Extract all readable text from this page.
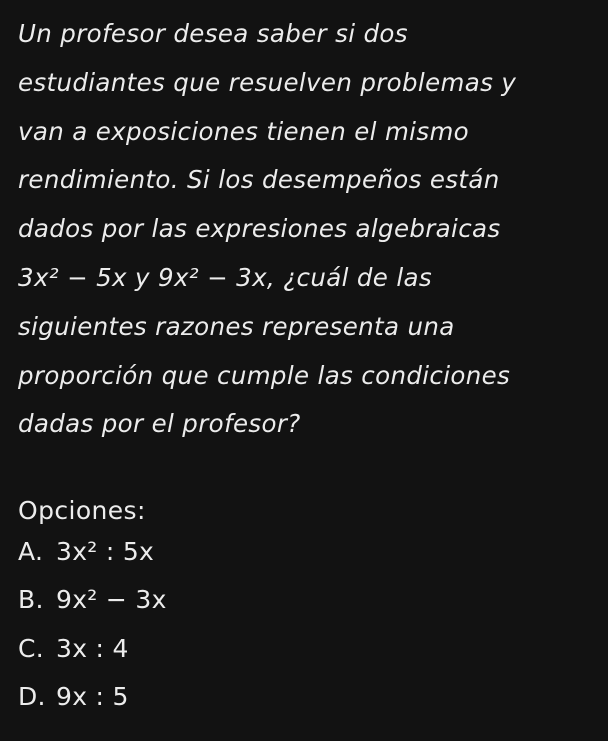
Un profesor desea saber si dos
estudiantes que resuelven problemas y
van a exposiciones tienen el mismo
rendimiento. Si los desempeños están
dados por las expresiones algebraicas
3x² − 5x y 9x² − 3x, ¿cuál de las
siguientes razones representa una
proporción que cumple las condiciones
dadas por el profesor?
Opciones:
A. 3x² : 5x
B. 9x² − 3x
C. 3x : 4
D. 9x : 5
